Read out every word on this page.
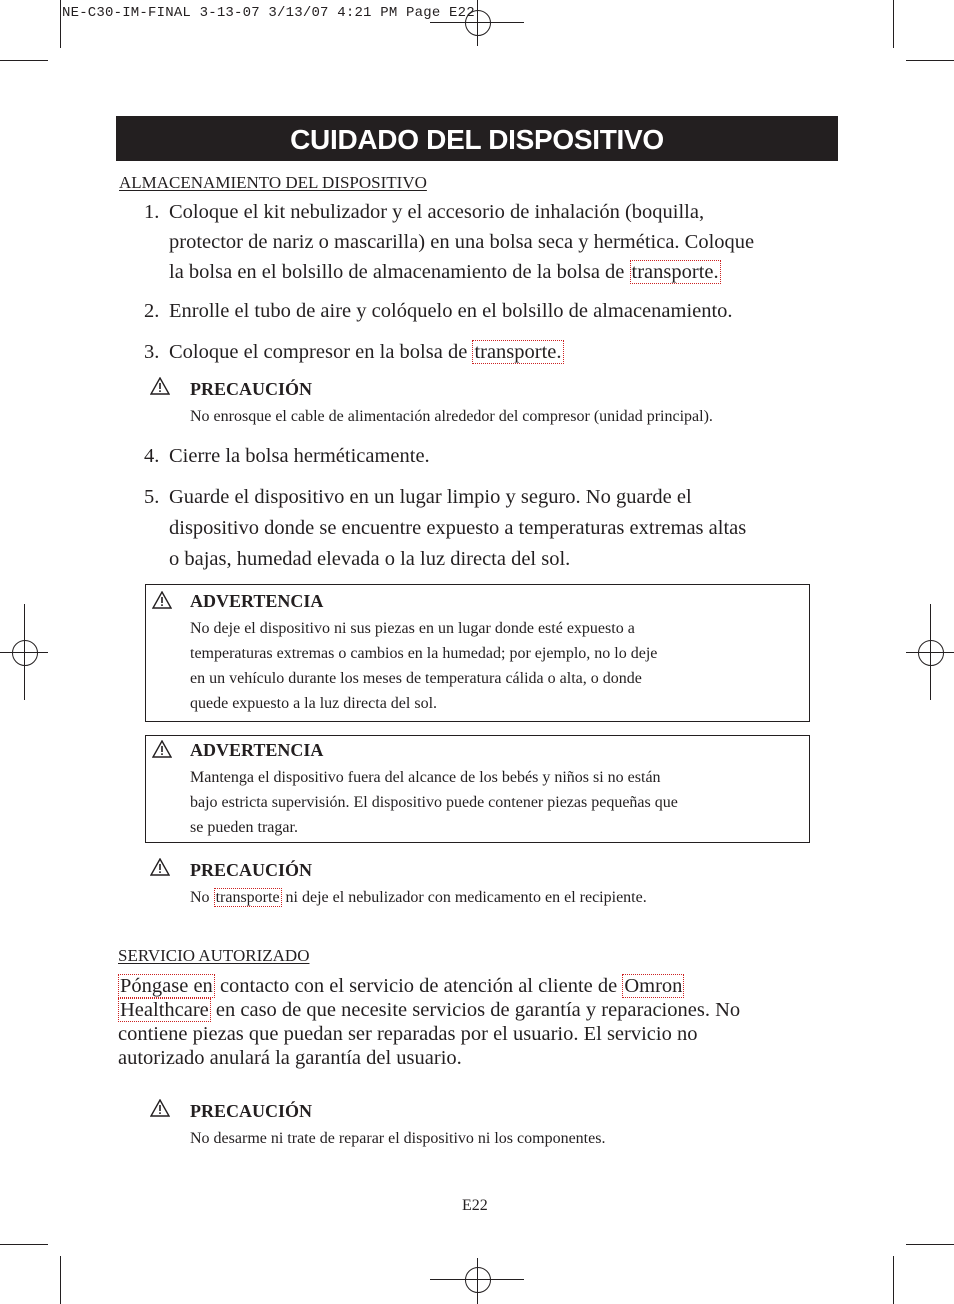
NE-C30-IM-FINAL 3-13-07 3/13/07 4:21 PM Page E22
CUIDADO DEL DISPOSITIVO
ALMACENAMIENTO DEL DISPOSITIVO
1. Coloque el kit nebulizador y el accesorio de inhalación (boquilla,
protector de nariz o mascarilla) en una bolsa seca y hermética. Coloque
la bolsa en el bolsillo de almacenamiento de la bolsa de transporte.
2. Enrolle el tubo de aire y colóquelo en el bolsillo de almacenamiento.
3. Coloque el compresor en la bolsa de transporte.
PRECAUCIÓN
No enrosque el cable de alimentación alrededor del compresor (unidad principal).
4. Cierre la bolsa herméticamente.
5. Guarde el dispositivo en un lugar limpio y seguro. No guarde el
dispositivo donde se encuentre expuesto a temperaturas extremas altas
o bajas, humedad elevada o la luz directa del sol.
ADVERTENCIA
No deje el dispositivo ni sus piezas en un lugar donde esté expuesto a
temperaturas extremas o cambios en la humedad; por ejemplo, no lo deje
en un vehículo durante los meses de temperatura cálida o alta, o donde
quede expuesto a la luz directa del sol.
ADVERTENCIA
Mantenga el dispositivo fuera del alcance de los bebés y niños si no están
bajo estricta supervisión. El dispositivo puede contener piezas pequeñas que
se pueden tragar.
PRECAUCIÓN
No transporte ni deje el nebulizador con medicamento en el recipiente.
SERVICIO AUTORIZADO
Póngase en contacto con el servicio de atención al cliente de Omron
Healthcare en caso de que necesite servicios de garantía y reparaciones. No
contiene piezas que puedan ser reparadas por el usuario. El servicio no
autorizado anulará la garantía del usuario.
PRECAUCIÓN
No desarme ni trate de reparar el dispositivo ni los componentes.
E22
